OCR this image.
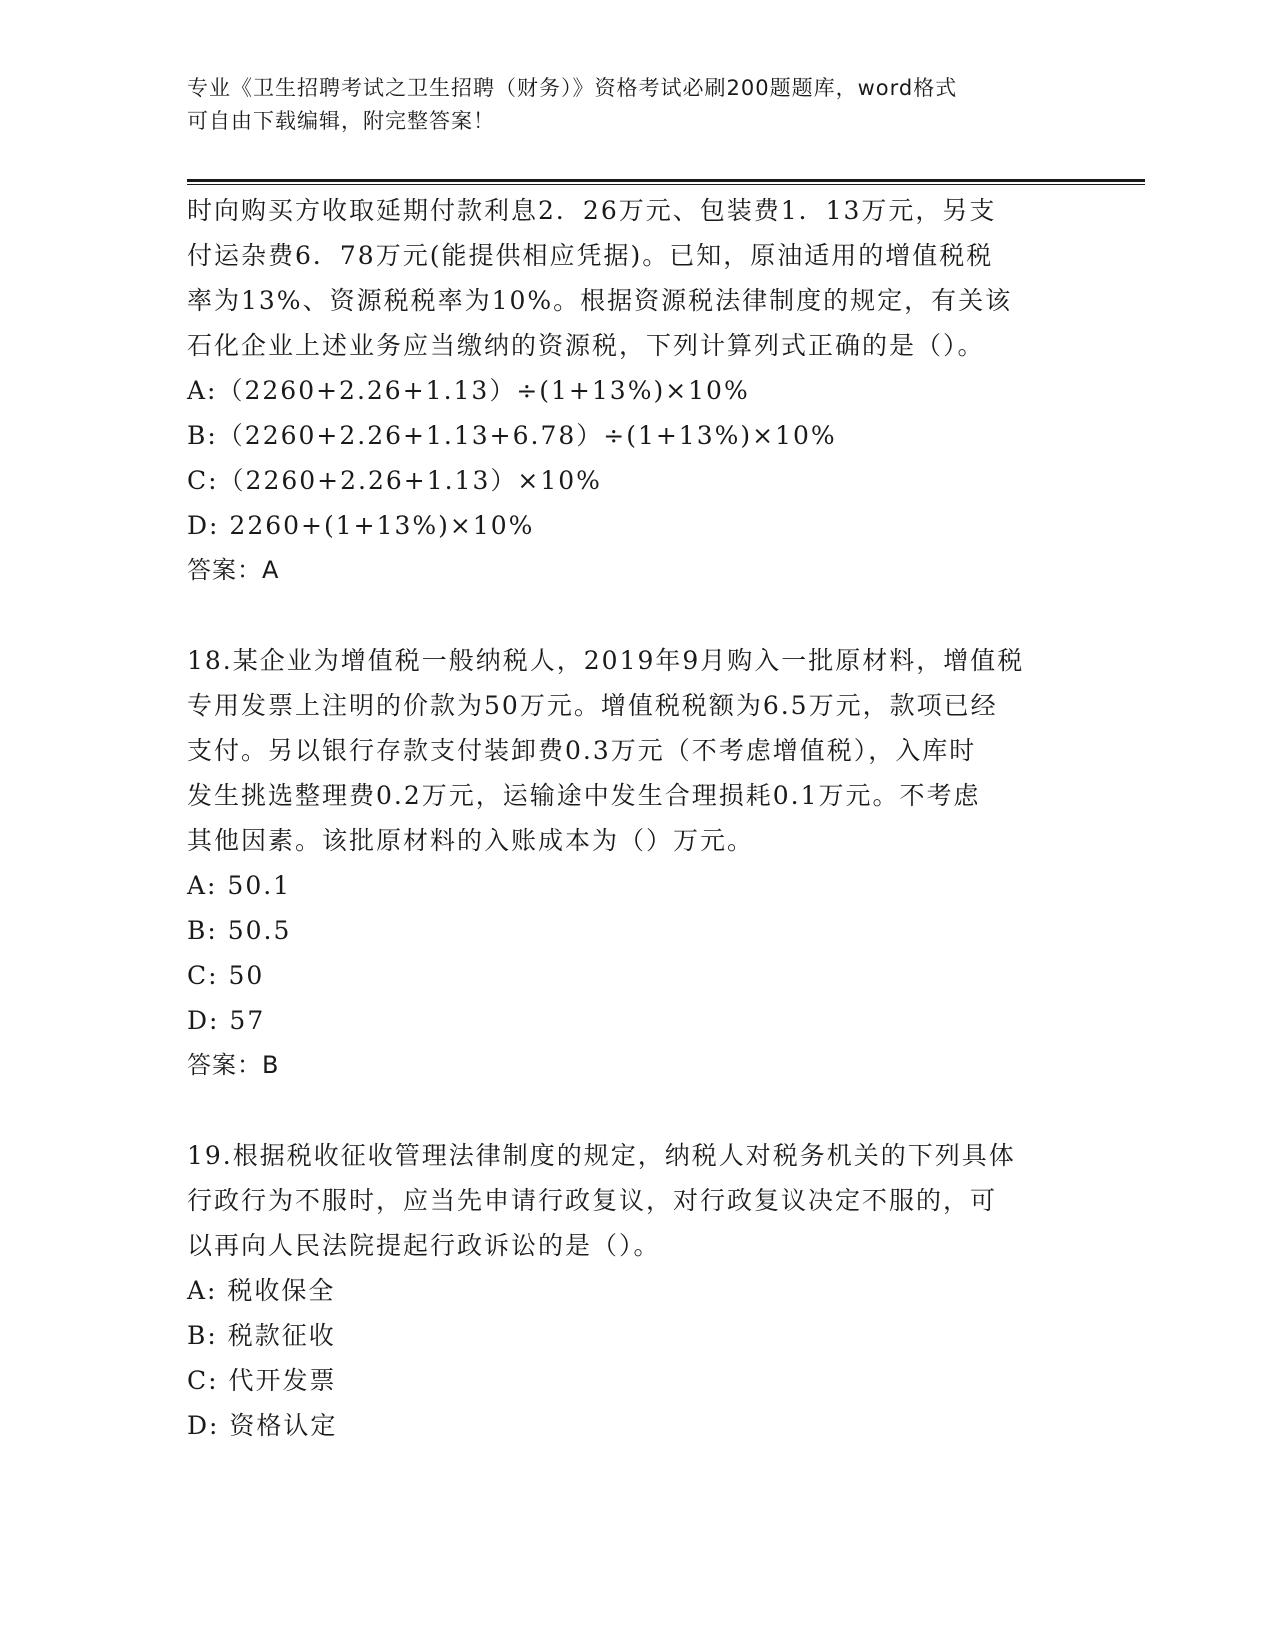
专业《卫生招聘考试之卫生招聘（财务）》资格考试必刷200题题库，word格式
可自由下载编辑，附完整答案！

时向购买方收取延期付款利息2．26万元、包装费1．13万元，另支

付运杂费6．78万元(能提供相应凭据)。已知，原油适用的增值税税

率为13%、资源税税率为10%。根据资源税法律制度的规定，有关该

石化企业上述业务应当缴纳的资源税，下列计算列式正确的是（）。

A:（2260+2.26+1.13）÷(1+13%)×10%

B:（2260+2.26+1.13+6.78）÷(1+13%)×10%

C:（2260+2.26+1.13）×10%

D: 2260+(1+13%)×10%

答案：A

18.某企业为增值税一般纳税人，2019年9月购入一批原材料，增值税

专用发票上注明的价款为50万元。增值税税额为6.5万元，款项已经

支付。另以银行存款支付装卸费0.3万元（不考虑增值税），入库时

发生挑选整理费0.2万元，运输途中发生合理损耗0.1万元。不考虑

其他因素。该批原材料的入账成本为（）万元。

A: 50.1

B: 50.5

C: 50

D: 57

答案：B

19.根据税收征收管理法律制度的规定，纳税人对税务机关的下列具体

行政行为不服时，应当先申请行政复议，对行政复议决定不服的，可

以再向人民法院提起行政诉讼的是（）。

A: 税收保全

B: 税款征收

C: 代开发票

D: 资格认定
